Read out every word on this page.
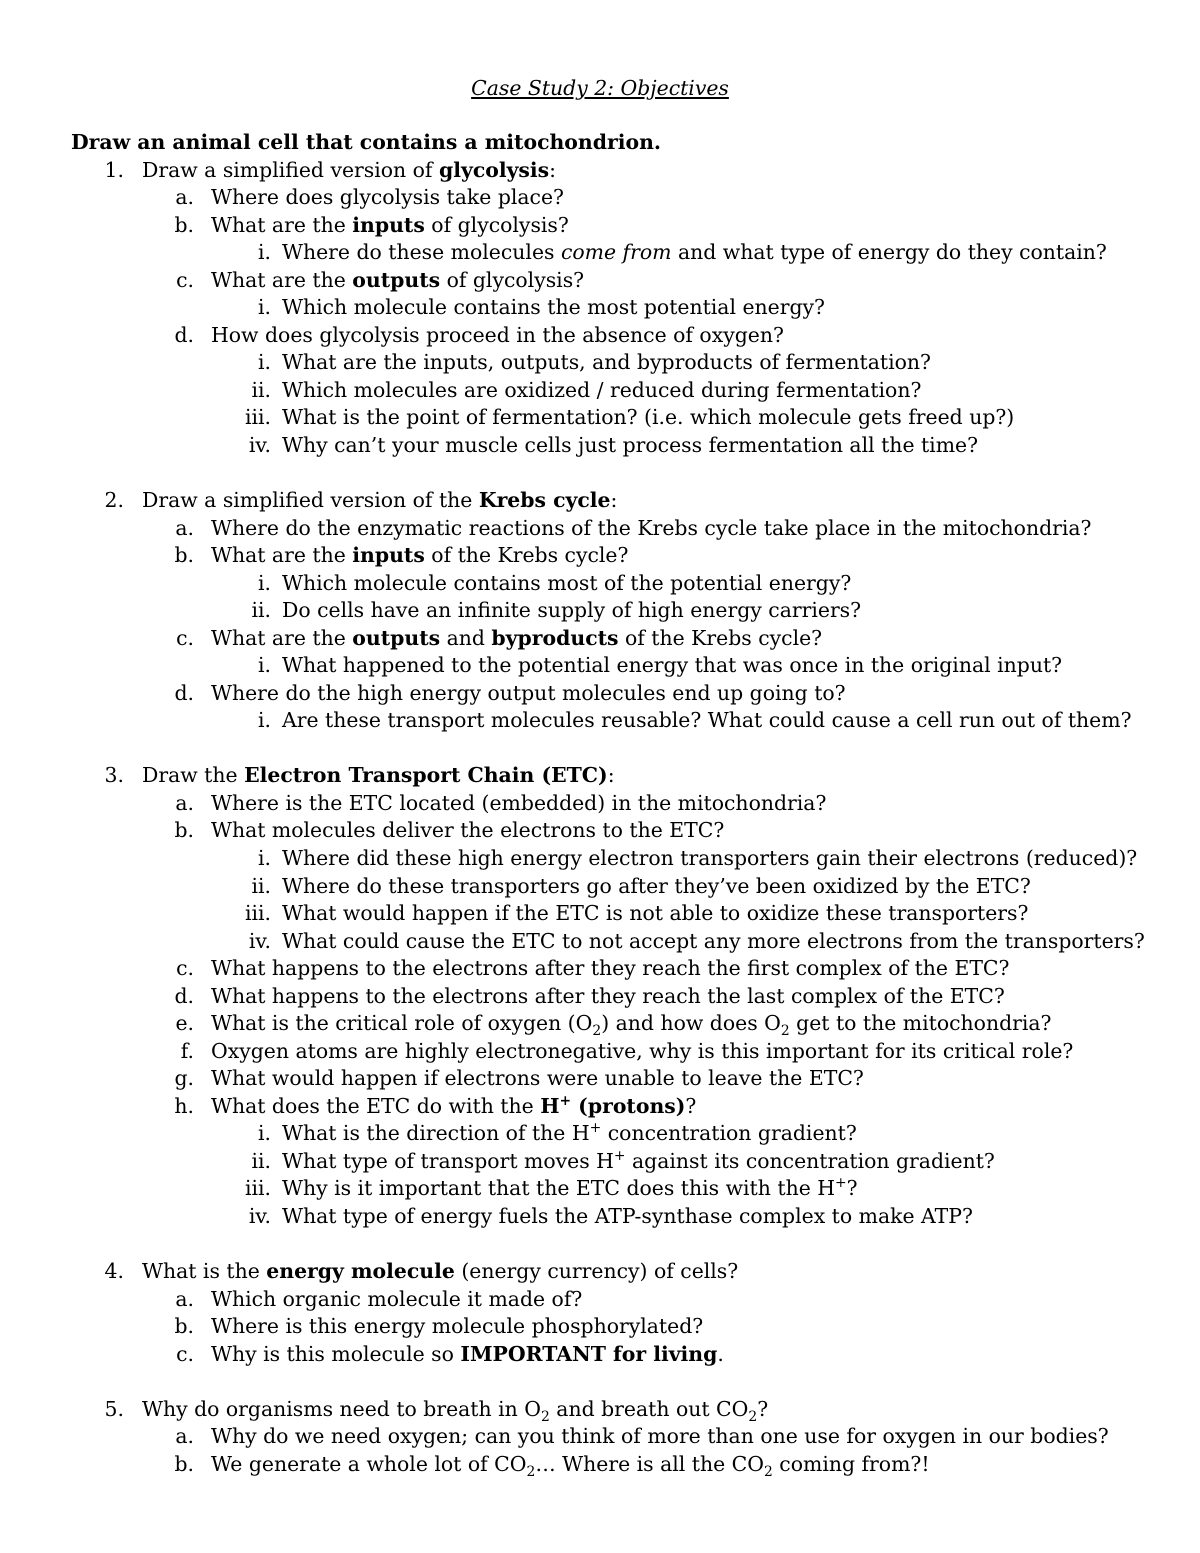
Case Study 2: Objectives
Draw an animal cell that contains a mitochondrion.
1. Draw a simplified version of glycolysis:
a. Where does glycolysis take place?
b. What are the inputs of glycolysis?
i. Where do these molecules come from and what type of energy do they contain?
c. What are the outputs of glycolysis?
i. Which molecule contains the most potential energy?
d. How does glycolysis proceed in the absence of oxygen?
i. What are the inputs, outputs, and byproducts of fermentation?
ii. Which molecules are oxidized / reduced during fermentation?
iii. What is the point of fermentation? (i.e. which molecule gets freed up?)
iv. Why can’t your muscle cells just process fermentation all the time?
2. Draw a simplified version of the Krebs cycle:
a. Where do the enzymatic reactions of the Krebs cycle take place in the mitochondria?
b. What are the inputs of the Krebs cycle?
i. Which molecule contains most of the potential energy?
ii. Do cells have an infinite supply of high energy carriers?
c. What are the outputs and byproducts of the Krebs cycle?
i. What happened to the potential energy that was once in the original input?
d. Where do the high energy output molecules end up going to?
i. Are these transport molecules reusable? What could cause a cell run out of them?
3. Draw the Electron Transport Chain (ETC):
a. Where is the ETC located (embedded) in the mitochondria?
b. What molecules deliver the electrons to the ETC?
i. Where did these high energy electron transporters gain their electrons (reduced)?
ii. Where do these transporters go after they’ve been oxidized by the ETC?
iii. What would happen if the ETC is not able to oxidize these transporters?
iv. What could cause the ETC to not accept any more electrons from the transporters?
c. What happens to the electrons after they reach the first complex of the ETC?
d. What happens to the electrons after they reach the last complex of the ETC?
e. What is the critical role of oxygen $(O_2)$ and how does $O_2$ get to the mitochondria?
f. Oxygen atoms are highly electronegative, why is this important for its critical role?
g. What would happen if electrons were unable to leave the ETC?
h. What does the ETC do with the H+ (protons)?
i. What is the direction of the H+ concentration gradient?
ii. What type of transport moves H+ against its concentration gradient?
iii. Why is it important that the ETC does this with the H+?
iv. What type of energy fuels the ATP-synthase complex to make ATP?
4. What is the energy molecule (energy currency) of cells?
a. Which organic molecule it made of?
b. Where is this energy molecule phosphorylated?
c. Why is this molecule so IMPORTANT for living.
5. Why do organisms need to breath in $O_2$ and breath out $CO_2$?
a. Why do we need oxygen; can you think of more than one use for oxygen in our bodies?
b. We generate a whole lot of $CO_2\dots$ Where is all the $CO_2$ coming from?!
